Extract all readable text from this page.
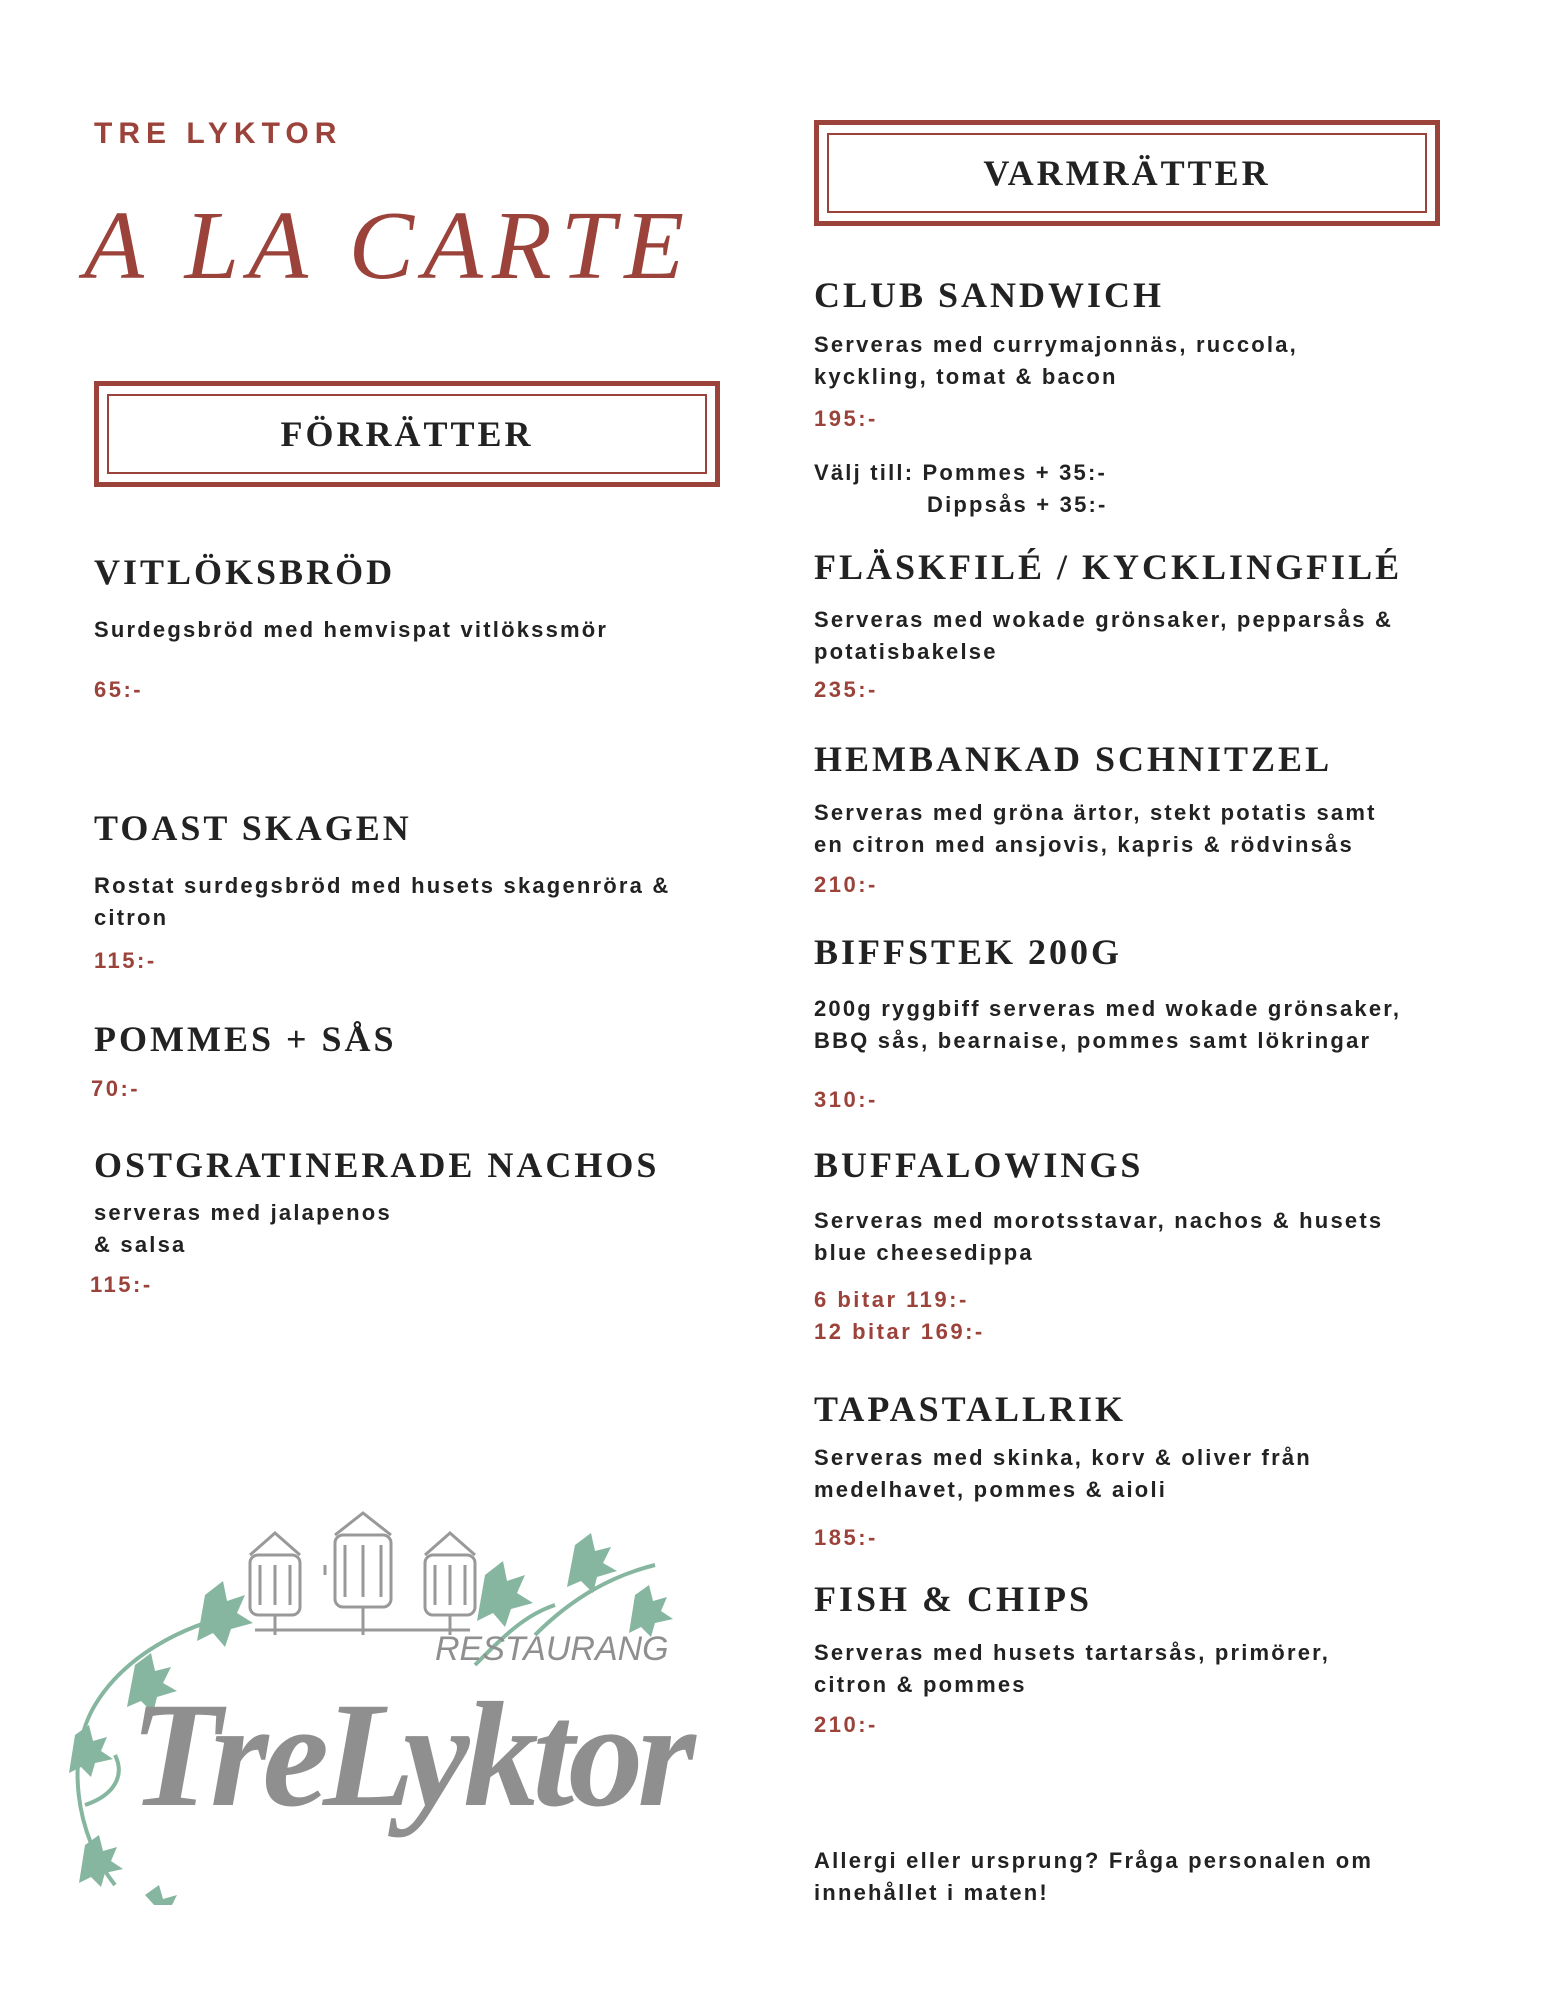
TRE LYKTOR
A LA CARTE
FÖRRÄTTER
VITLÖKSBRÖD
Surdegsbröd med hemvispat vitlökssmör
65:-
TOAST SKAGEN
Rostat surdegsbröd med husets skagenröra &
citron
115:-
POMMES + SÅS
70:-
OSTGRATINERADE NACHOS
serveras med jalapenos
& salsa
115:-
VARMRÄTTER
CLUB SANDWICH
Serveras med currymajonnäs, ruccola,
kyckling, tomat & bacon
195:-
Välj till: Pommes + 35:-
Dippsås + 35:-
FLÄSKFILÉ / KYCKLINGFILÉ
Serveras med wokade grönsaker, pepparsås &
potatisbakelse
235:-
HEMBANKAD SCHNITZEL
Serveras med gröna ärtor, stekt potatis samt
en citron med ansjovis, kapris & rödvinsås
210:-
BIFFSTEK 200G
200g ryggbiff serveras med wokade grönsaker,
BBQ sås, bearnaise, pommes samt lökringar
310:-
BUFFALOWINGS
Serveras med morotsstavar, nachos & husets
blue cheesedippa
6 bitar 119:-
12 bitar 169:-
TAPASTALLRIK
Serveras med skinka, korv & oliver från
medelhavet, pommes & aioli
185:-
FISH & CHIPS
Serveras med husets tartarsås, primörer,
citron & pommes
210:-
Allergi eller ursprung? Fråga personalen om
innehållet i maten!
RESTAURANG
TreLyktor
